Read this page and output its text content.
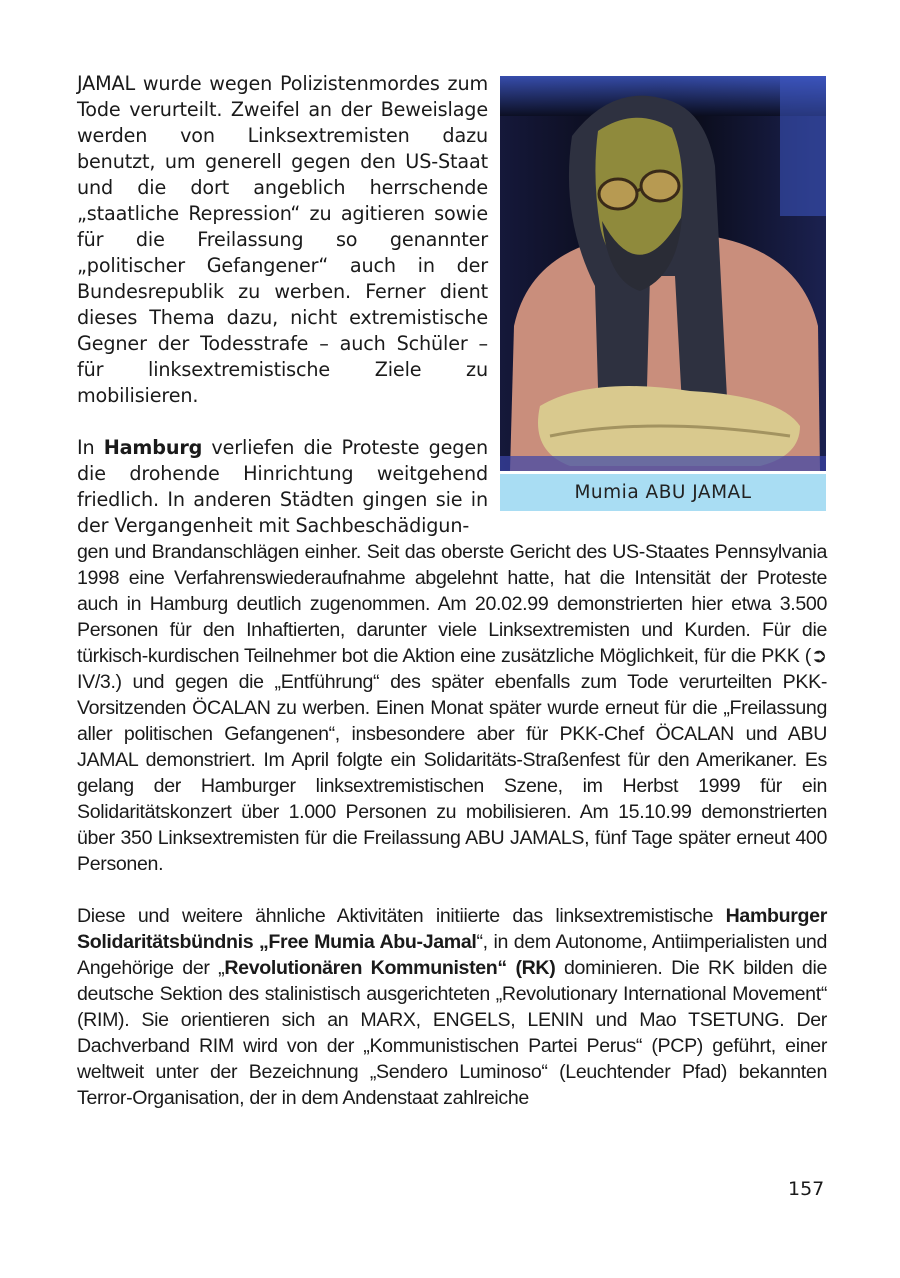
JAMAL wurde wegen Polizistenmordes zum Tode verurteilt. Zweifel an der Beweislage werden von Linksextremisten dazu benutzt, um generell gegen den US-Staat und die dort angeblich herrschende „staatliche Repression“ zu agitieren sowie für die Freilassung so genannter „politischer Gefangener“ auch in der Bundesrepublik zu werben. Ferner dient dieses Thema dazu, nicht extremistische Gegner der Todesstrafe – auch Schüler – für linksextremistische Ziele zu mobilisieren.

In Hamburg verliefen die Proteste gegen die drohende Hinrichtung weitgehend friedlich. In anderen Städten gingen sie in der Vergangenheit mit Sachbeschädigun-

Mumia ABU JAMAL

gen und Brandanschlägen einher. Seit das oberste Gericht des US-Staates Pennsylvania 1998 eine Verfahrenswiederaufnahme abgelehnt hatte, hat die Intensität der Proteste auch in Hamburg deutlich zugenommen. Am 20.02.99 demonstrierten hier etwa 3.500 Personen für den Inhaftierten, darunter viele Linksextremisten und Kurden. Für die türkisch-kurdischen Teilnehmer bot die Aktion eine zusätzliche Möglichkeit, für die PKK (➲ IV/3.) und gegen die „Entführung“ des später ebenfalls zum Tode verurteilten PKK-Vorsitzenden ÖCALAN zu werben. Einen Monat später wurde erneut für die „Freilassung aller politischen Gefangenen“, insbesondere aber für PKK-Chef ÖCALAN und ABU JAMAL demonstriert. Im April folgte ein Solidaritäts-Straßenfest für den Amerikaner. Es gelang der Hamburger linksextremistischen Szene, im Herbst 1999 für ein Solidaritätskonzert über 1.000 Personen zu mobilisieren. Am 15.10.99 demonstrierten über 350 Linksextremisten für die Freilassung ABU JAMALS, fünf Tage später erneut 400 Personen.

Diese und weitere ähnliche Aktivitäten initiierte das linksextremistische Hamburger Solidaritätsbündnis „Free Mumia Abu-Jamal“, in dem Autonome, Antiimperialisten und Angehörige der „Revolutionären Kommunisten“ (RK) dominieren. Die RK bilden die deutsche Sektion des stalinistisch ausgerichteten „Revolutionary International Movement“ (RIM). Sie orientieren sich an MARX, ENGELS, LENIN und Mao TSETUNG. Der Dachverband RIM wird von der „Kommunistischen Partei Perus“ (PCP) geführt, einer weltweit unter der Bezeichnung „Sendero Luminoso“ (Leuchtender Pfad) bekannten Terror-Organisation, der in dem Andenstaat zahlreiche

157
